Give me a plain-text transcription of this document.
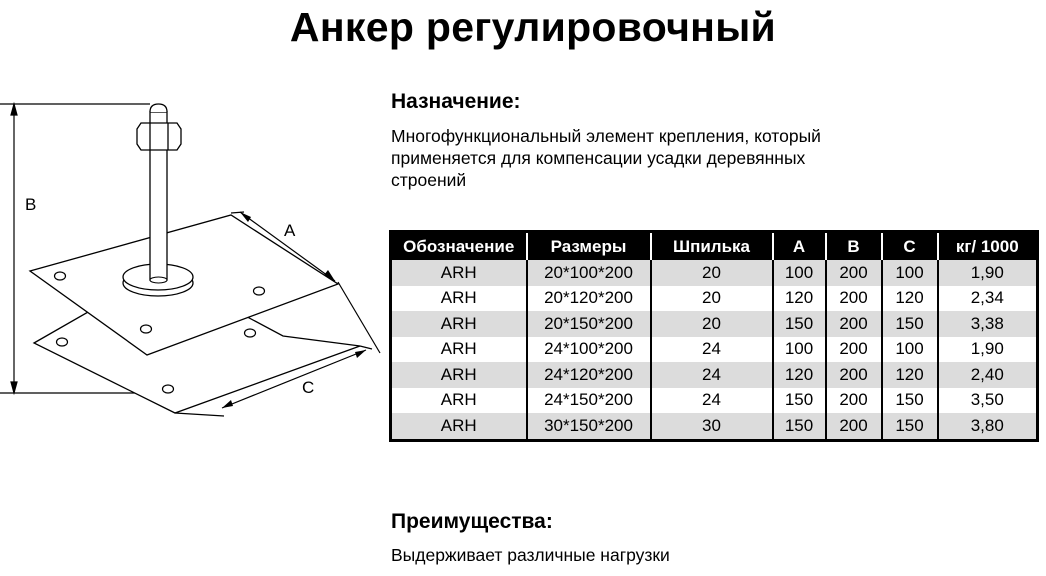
Анкер регулировочный
B
A
C
Назначение:
Многофункциональный элемент крепления, который
применяется для компенсации усадки деревянных
строений
Обозначение	Размеры	Шпилька	A	B	C	кг/ 1000
ARH	20*100*200	20	100	200	100	1,90
ARH	20*120*200	20	120	200	120	2,34
ARH	20*150*200	20	150	200	150	3,38
ARH	24*100*200	24	100	200	100	1,90
ARH	24*120*200	24	120	200	120	2,40
ARH	24*150*200	24	150	200	150	3,50
ARH	30*150*200	30	150	200	150	3,80
Преимущества:
Выдерживает различные нагрузки
